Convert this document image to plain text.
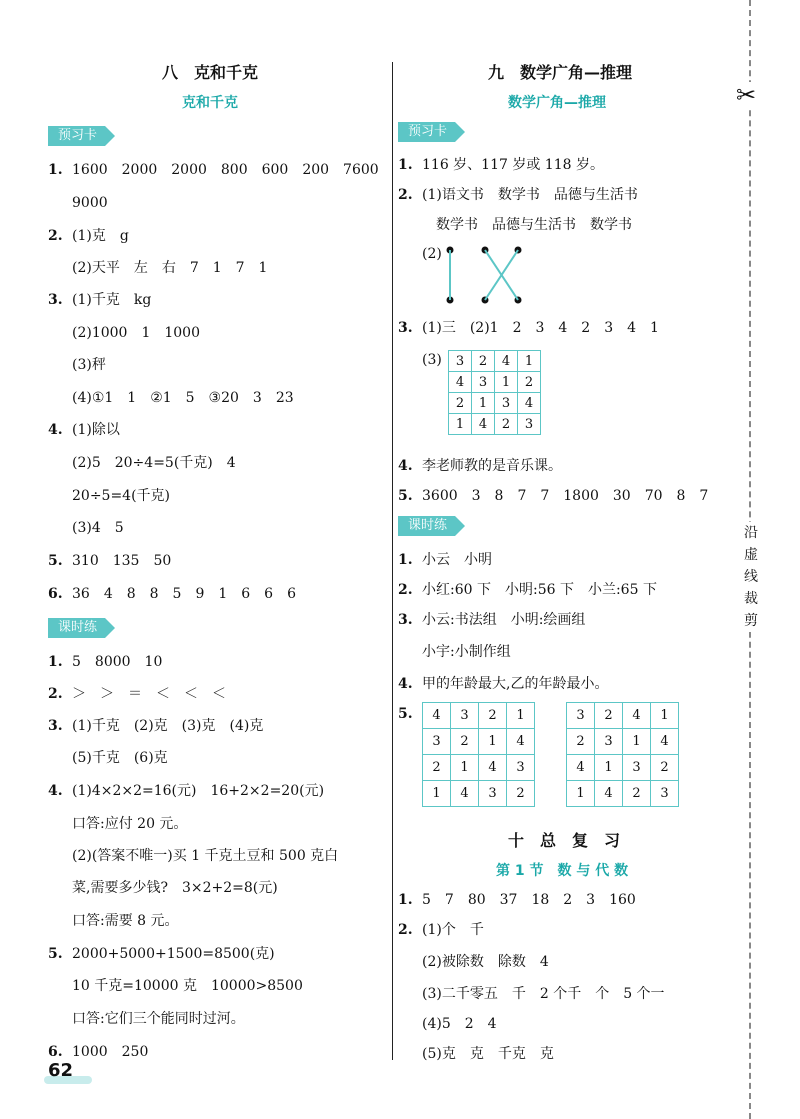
八　克和千克
克和千克
预习卡
1. 1600　2000　2000　800　600　200　7600
9000
2. (1)克　g
(2)天平　左　右　7　1　7　1
3. (1)千克　kg
(2)1000　1　1000
(3)秤
(4)①1　1　②1　5　③20　3　23
4. (1)除以
(2)5　20÷4=5(千克)　4
20÷5=4(千克)
(3)4　5
5. 310　135　50
6. 36　4　8　8　5　9　1　6　6　6
课时练
1. 5　8000　10
2. ＞　＞　＝　＜　＜　＜
3. (1)千克　(2)克　(3)克　(4)克
(5)千克　(6)克
4. (1)4×2×2=16(元)　16+2×2=20(元)
口答:应付 20 元。
(2)(答案不唯一)买 1 千克土豆和 500 克白
菜,需要多少钱?　3×2+2=8(元)
口答:需要 8 元。
5. 2000+5000+1500=8500(克)
10 千克=10000 克　10000>8500
口答:它们三个能同时过河。
6. 1000　250
九　数学广角—推理
数学广角—推理
预习卡
1. 116 岁、117 岁或 118 岁。
2. (1)语文书　数学书　品德与生活书
　数学书　品德与生活书　数学书
(2)
3. (1)三　(2)1　2　3　4　2　3　4　1
(3)
4. 李老师教的是音乐课。
5. 3600　3　8　7　7　1800　30　70　8　7
3	2	4	1
4	3	1	2
2	1	3	4
1	4	2	3
课时练
1. 小云　小明
2. 小红:60 下　小明:56 下　小兰:65 下
3. 小云:书法组　小明:绘画组
小宇:小制作组
4. 甲的年龄最大,乙的年龄最小。
5.	4	3	2	1
3	2	1	4
2	1	4	3
1	4	3	2
3	2	4	1
2	3	1	4
4	1	3	2
1	4	2	3
十　总　复　习
第 1 节　数 与 代 数
1. 5　7　80　37　18　2　3　160
2. (1)个　千
(2)被除数　除数　4
(3)二千零五　千　2 个千　个　5 个一
(4)5　2　4
(5)克　克　千克　克
✂
沿虚线裁剪
62
